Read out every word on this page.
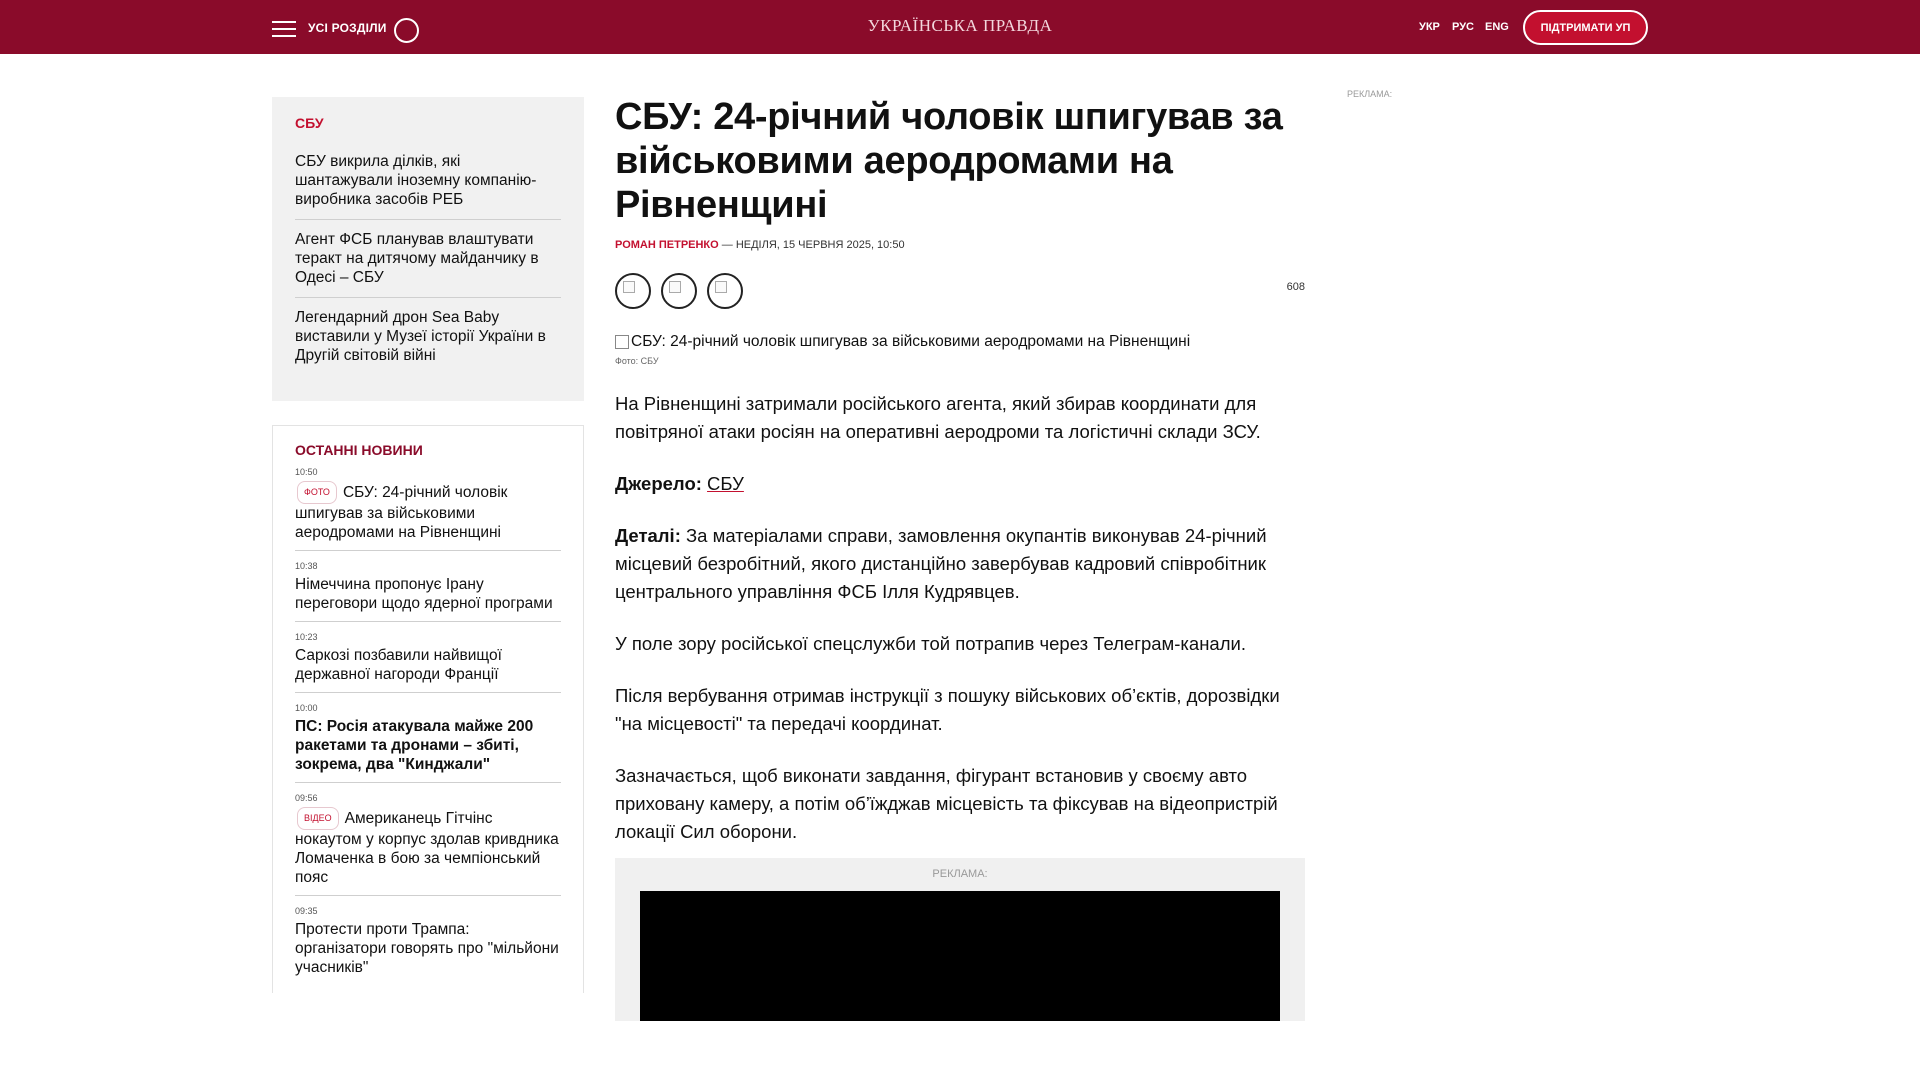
УСІ РОЗДІЛИ	УКРАЇНСЬКА ПРАВДА	УКР РУС ENG	ПІДТРИМАТИ УП
СБУ
СБУ викрила ділків, які шантажували іноземну компанію-виробника засобів РЕБ
Агент ФСБ планував влаштувати теракт на дитячому майданчику в Одесі – СБУ
Легендарний дрон Sea Baby виставили у Музеї історії України в Другій світовій війні
ОСТАННІ НОВИНИ
10:50
ФОТО СБУ: 24-річний чоловік шпигував за військовими аеродромами на Рівненщині
10:38
Німеччина пропонує Ірану переговори щодо ядерної програми
10:23
Саркозі позбавили найвищої державної нагороди Франції
10:00
ПС: Росія атакувала майже 200 ракетами та дронами – збиті, зокрема, два "Кинджали"
09:56
ВІДЕО Американець Гітчінс нокаутом у корпус здолав кривдника Ломаченка в бою за чемпіонський пояс
09:35
Протести проти Трампа: організатори говорять про "мільйони учасників"
СБУ: 24-річний чоловік шпигував за військовими аеродромами на Рівненщині
РОМАН ПЕТРЕНКО — НЕДІЛЯ, 15 ЧЕРВНЯ 2025, 10:50
608
СБУ: 24-річний чоловік шпигував за військовими аеродромами на Рівненщині
Фото: СБУ

На Рівненщині затримали російського агента, який збирав координати для повітряної атаки росіян на оперативні аеродроми та логістичні склади ЗСУ.

Джерело: СБУ

Деталі: За матеріалами справи, замовлення окупантів виконував 24-річний місцевий безробітний, якого дистанційно завербував кадровий співробітник центрального управління ФСБ Ілля Кудрявцев.

У поле зору російської спецслужби той потрапив через Телеграм-канали.

Після вербування отримав інструкції з пошуку військових об’єктів, дорозвідки "на місцевості" та передачі координат.

Зазначається, щоб виконати завдання, фігурант встановив у своєму авто приховану камеру, а потім об’їжджав місцевість та фіксував на відеопристрій локації Сил оборони.

РЕКЛАМА:
РЕКЛАМА:
